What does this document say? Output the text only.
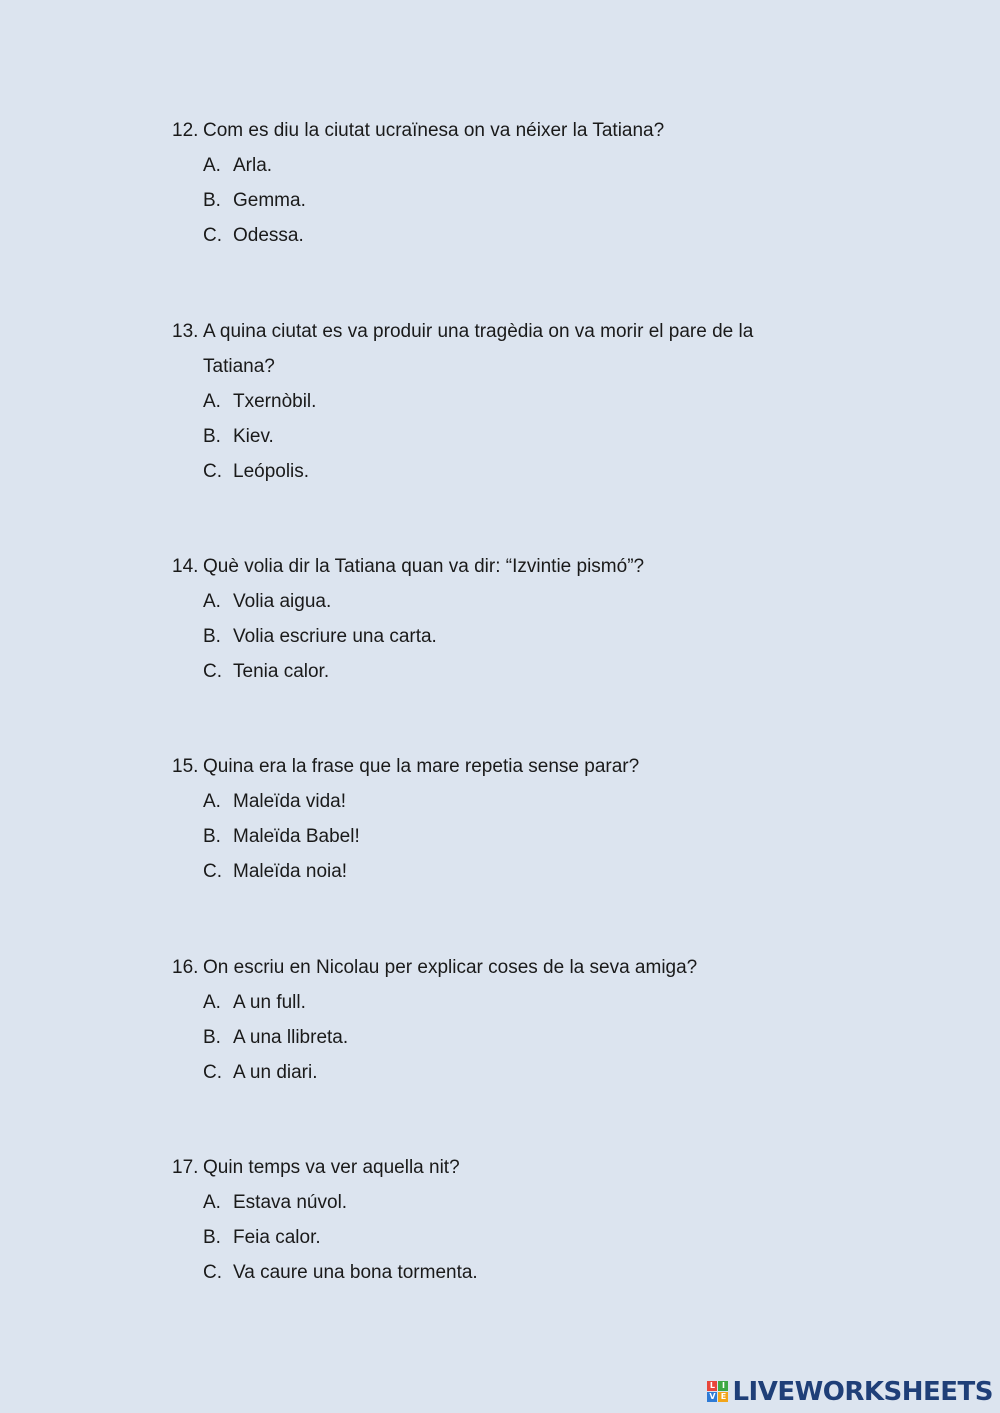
12. Com es diu la ciutat ucraïnesa on va néixer la Tatiana?
A. Arla.
B. Gemma.
C. Odessa.
13. A quina ciutat es va produir una tragèdia on va morir el pare de la Tatiana?
A. Txernòbil.
B. Kiev.
C. Leópolis.
14. Què volia dir la Tatiana quan va dir: “Izvintie pismó”?
A. Volia aigua.
B. Volia escriure una carta.
C. Tenia calor.
15. Quina era la frase que la mare repetia sense parar?
A. Maleïda vida!
B. Maleïda Babel!
C. Maleïda noia!
16. On escriu en Nicolau per explicar coses de la seva amiga?
A. A un full.
B. A una llibreta.
C. A un diari.
17. Quin temps va ver aquella nit?
A. Estava núvol.
B. Feia calor.
C. Va caure una bona tormenta.
L I
V E LIVEWORKSHEETS
